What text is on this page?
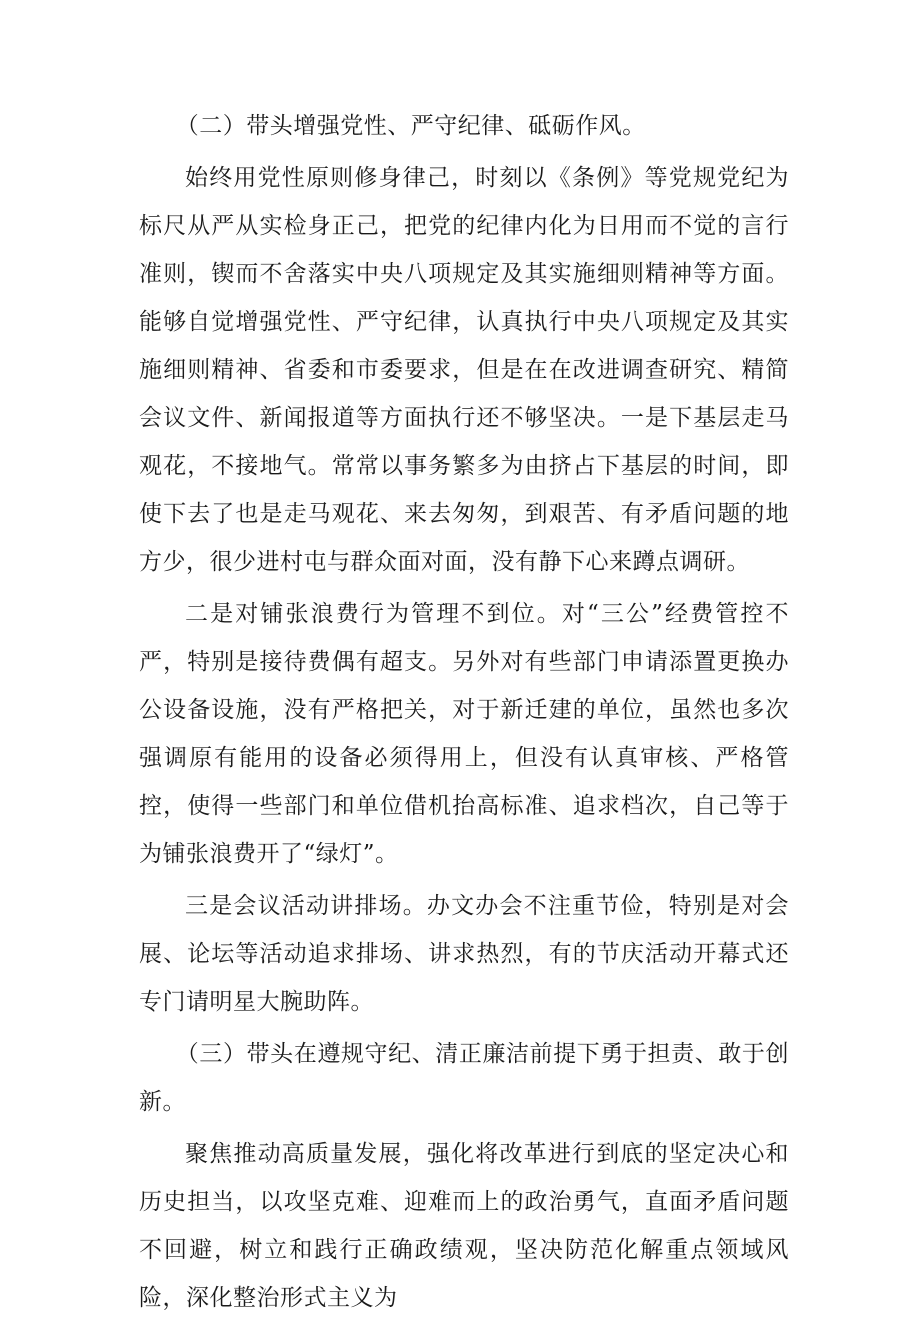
（二）带头增强党性、严守纪律、砥砺作风。

始终用党性原则修身律己，时刻以《条例》等党规党纪为标尺从严从实检身正己，把党的纪律内化为日用而不觉的言行准则，锲而不舍落实中央八项规定及其实施细则精神等方面。能够自觉增强党性、严守纪律，认真执行中央八项规定及其实施细则精神、省委和市委要求，但是在在改进调查研究、精简会议文件、新闻报道等方面执行还不够坚决。一是下基层走马观花，不接地气。常常以事务繁多为由挤占下基层的时间，即使下去了也是走马观花、来去匆匆，到艰苦、有矛盾问题的地方少，很少进村屯与群众面对面，没有静下心来蹲点调研。

二是对铺张浪费行为管理不到位。对“三公”经费管控不严，特别是接待费偶有超支。另外对有些部门申请添置更换办公设备设施，没有严格把关，对于新迁建的单位，虽然也多次强调原有能用的设备必须得用上，但没有认真审核、严格管控，使得一些部门和单位借机抬高标准、追求档次，自己等于为铺张浪费开了“绿灯”。

三是会议活动讲排场。办文办会不注重节俭，特别是对会展、论坛等活动追求排场、讲求热烈，有的节庆活动开幕式还专门请明星大腕助阵。

（三）带头在遵规守纪、清正廉洁前提下勇于担责、敢于创新。

聚焦推动高质量发展，强化将改革进行到底的坚定决心和历史担当，以攻坚克难、迎难而上的政治勇气，直面矛盾问题不回避，树立和践行正确政绩观，坚决防范化解重点领域风险，深化整治形式主义为
